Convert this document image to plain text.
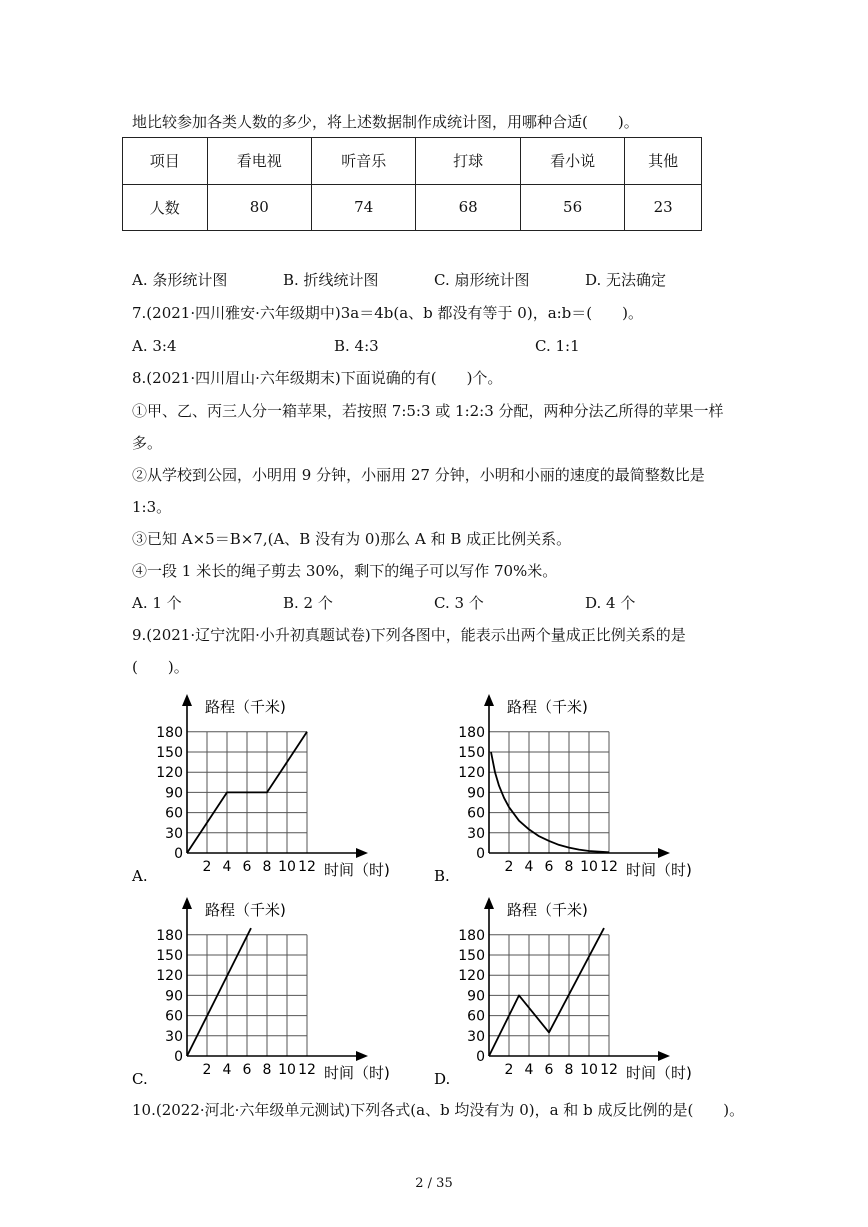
地比较参加各类人数的多少，将上述数据制作成统计图，用哪种合适(　　)。
项目	看电视	听音乐	打球	看小说	其他
人数	80	74	68	56	23
A. 条形统计图	B. 折线统计图	C. 扇形统计图	D. 无法确定
7.(2021·四川雅安·六年级期中)3a＝4b(a、b 都没有等于 0)，a:b＝(　　)。
A. 3:4	B. 4:3	C. 1:1
8.(2021·四川眉山·六年级期末)下面说确的有(　　)个。
①甲、乙、丙三人分一箱苹果，若按照 7:5:3 或 1:2:3 分配，两种分法乙所得的苹果一样
多。
②从学校到公园，小明用 9 分钟，小丽用 27 分钟，小明和小丽的速度的最简整数比是
1:3。
③已知 A×5＝B×7,(A、B 没有为 0)那么 A 和 B 成正比例关系。
④一段 1 米长的绳子剪去 30%，剩下的绳子可以写作 70%米。
A. 1 个	B. 2 个	C. 3 个	D. 4 个
9.(2021·辽宁沈阳·小升初真题试卷)下列各图中，能表示出两个量成正比例关系的是
(　　)。
0
30
60
90
120
150
180
2 4 6 8 10 12
路程（千米)
时间（时)
A.
0
30
60
90
120
150
180
2 4 6 8 10 12
路程（千米)
时间（时)
B.
0
30
60
90
120
150
180
2 4 6 8 10 12
路程（千米)
时间（时)
C.
0
30
60
90
120
150
180
2 4 6 8 10 12
路程（千米)
时间（时)
D.
10.(2022·河北·六年级单元测试)下列各式(a、b 均没有为 0)，a 和 b 成反比例的是(　　)。
2 / 35
